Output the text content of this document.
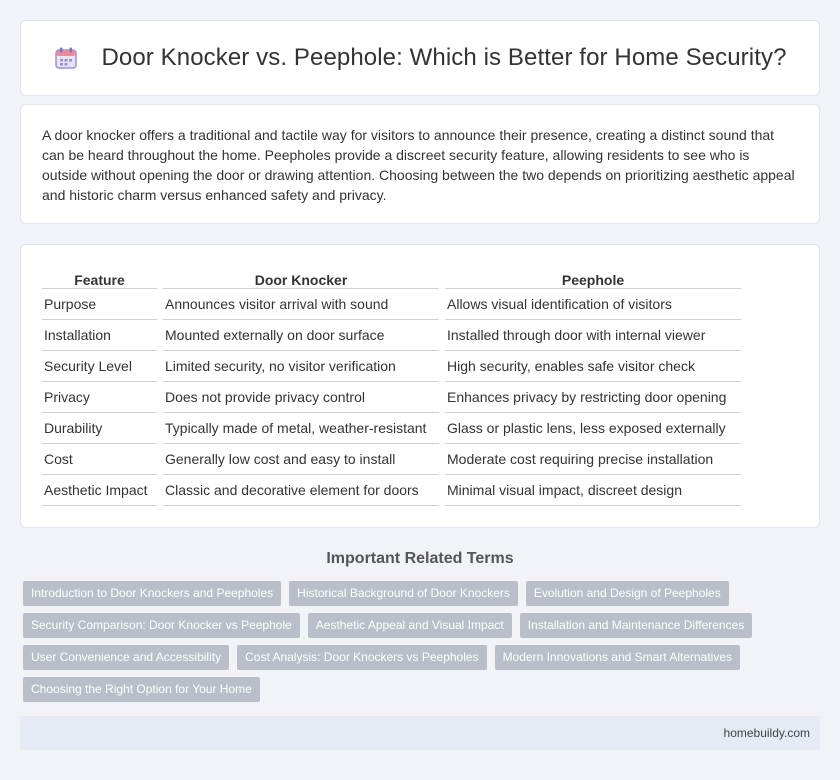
Door Knocker vs. Peephole: Which is Better for Home Security?

A door knocker offers a traditional and tactile way for visitors to announce their presence, creating a distinct sound that can be heard throughout the home. Peepholes provide a discreet security feature, allowing residents to see who is outside without opening the door or drawing attention. Choosing between the two depends on prioritizing aesthetic appeal and historic charm versus enhanced safety and privacy.

Feature	Door Knocker	Peephole
Purpose	Announces visitor arrival with sound	Allows visual identification of visitors
Installation	Mounted externally on door surface	Installed through door with internal viewer
Security Level	Limited security, no visitor verification	High security, enables safe visitor check
Privacy	Does not provide privacy control	Enhances privacy by restricting door opening
Durability	Typically made of metal, weather-resistant	Glass or plastic lens, less exposed externally
Cost	Generally low cost and easy to install	Moderate cost requiring precise installation
Aesthetic Impact	Classic and decorative element for doors	Minimal visual impact, discreet design
Important Related Terms
Introduction to Door Knockers and Peepholes	Historical Background of Door Knockers	Evolution and Design of Peepholes
Security Comparison: Door Knocker vs Peephole	Aesthetic Appeal and Visual Impact	Installation and Maintenance Differences
User Convenience and Accessibility	Cost Analysis: Door Knockers vs Peepholes	Modern Innovations and Smart Alternatives
Choosing the Right Option for Your Home
homebuildy.com
